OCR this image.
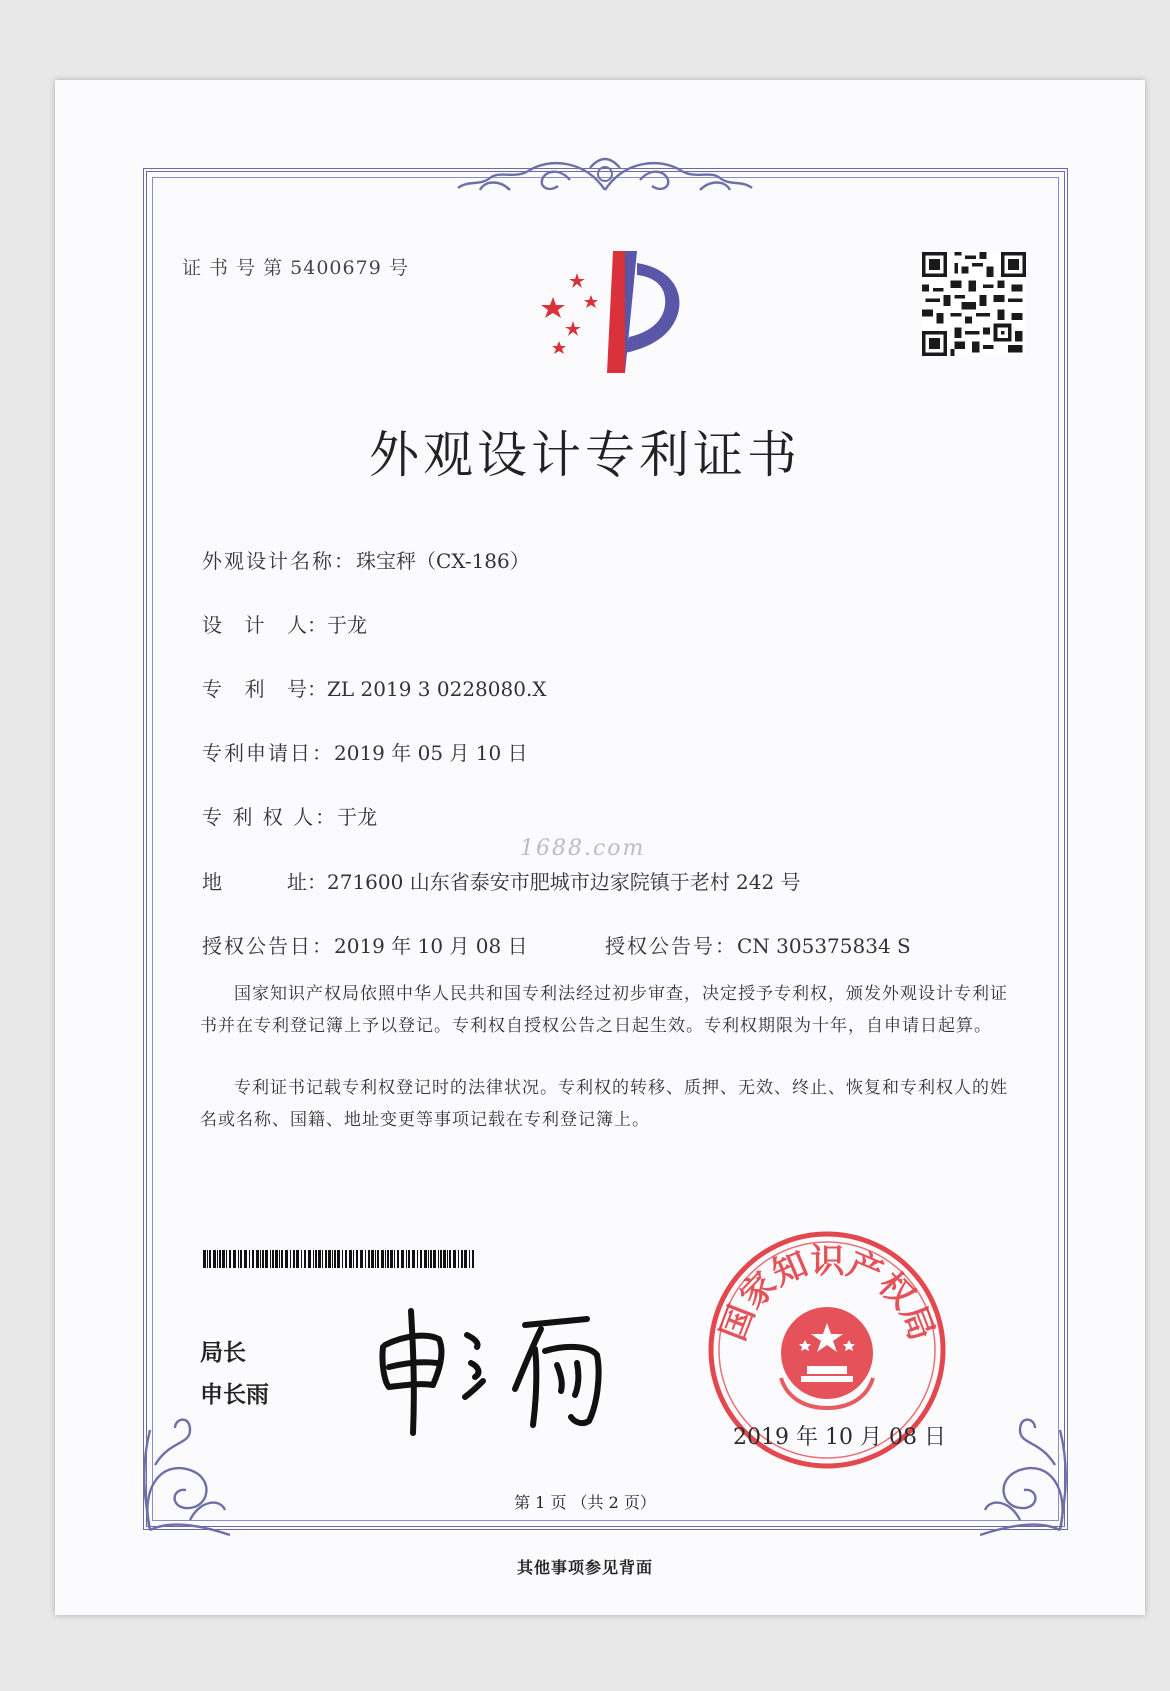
证 书 号 第 5400679 号
外观设计专利证书
外观设计名称：珠宝秤（CX-186）
设 计 人： 于龙
专 利 号： ZL 2019 3 0228080.X
专利申请日：2019 年 05 月 10 日
专 利 权 人：于龙
1688.com
地	址： 271600 山东省泰安市肥城市边家院镇于老村 242 号
授权公告日：2019 年 10 月 08 日	授权公告号：CN 305375834 S
国家知识产权局依照中华人民共和国专利法经过初步审查，决定授予专利权，颁发外观设计专利证书并在专利登记簿上予以登记。专利权自授权公告之日起生效。专利权期限为十年，自申请日起算。
专利证书记载专利权登记时的法律状况。专利权的转移、质押、无效、终止、恢复和专利权人的姓名或名称、国籍、地址变更等事项记载在专利登记簿上。
局长
申长雨
国家知识产权局
2019 年 10 月 08 日
第 1 页 （共 2 页）
其他事项参见背面
